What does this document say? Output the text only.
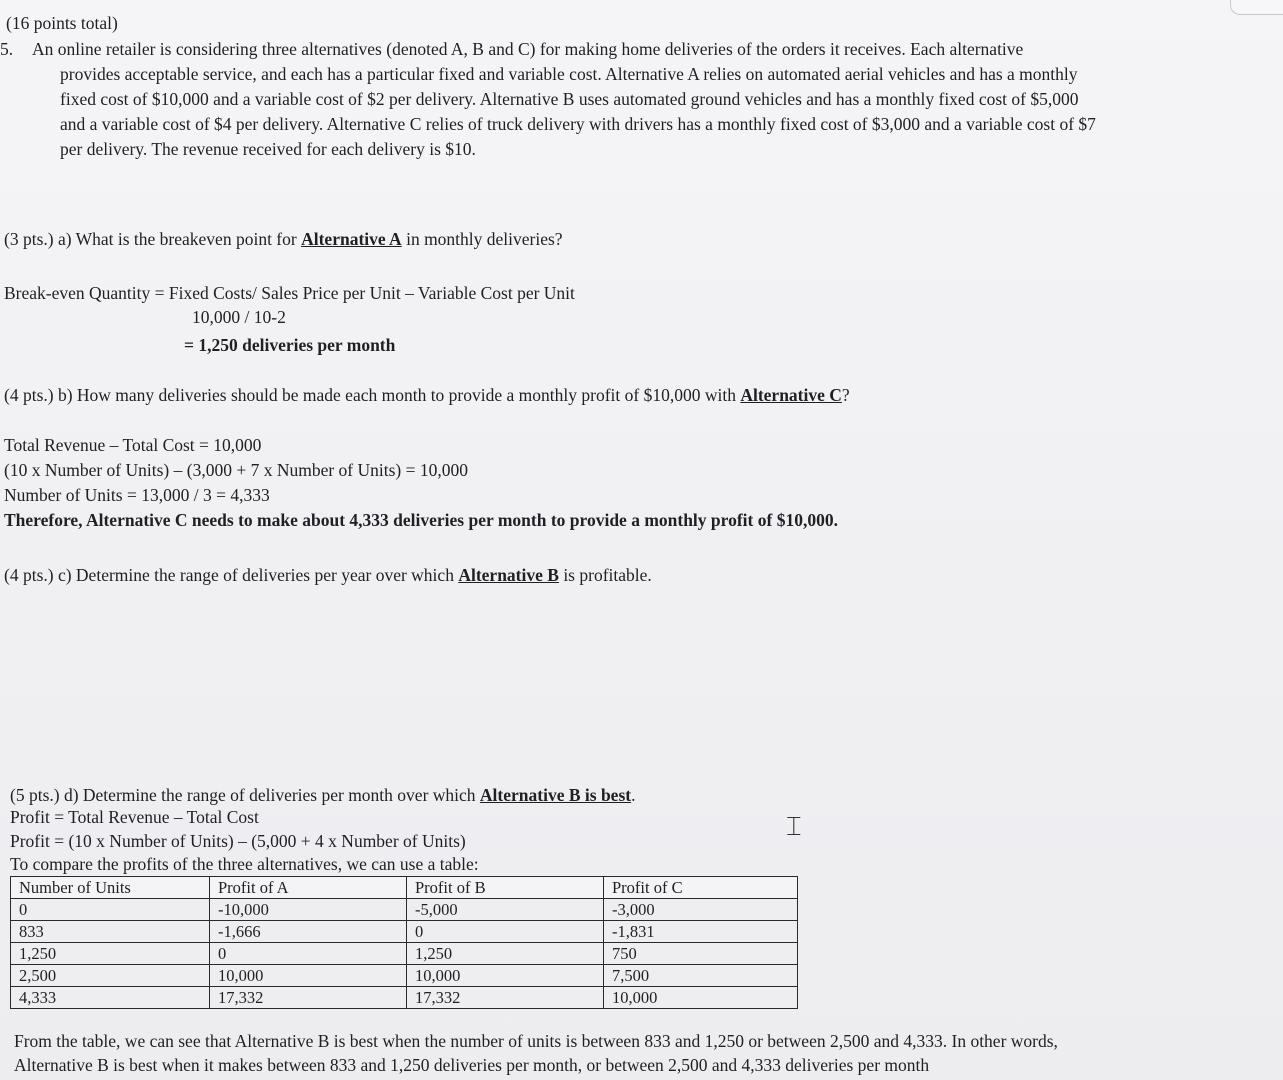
(16 points total)
5. An online retailer is considering three alternatives (denoted A, B and C) for making home deliveries of the orders it receives. Each alternative
provides acceptable service, and each has a particular fixed and variable cost. Alternative A relies on automated aerial vehicles and has a monthly
fixed cost of $10,000 and a variable cost of $2 per delivery. Alternative B uses automated ground vehicles and has a monthly fixed cost of $5,000
and a variable cost of $4 per delivery. Alternative C relies of truck delivery with drivers has a monthly fixed cost of $3,000 and a variable cost of $7
per delivery. The revenue received for each delivery is $10.
(3 pts.) a) What is the breakeven point for Alternative A in monthly deliveries?
Break-even Quantity = Fixed Costs/ Sales Price per Unit – Variable Cost per Unit
10,000 / 10-2
= 1,250 deliveries per month
(4 pts.) b) How many deliveries should be made each month to provide a monthly profit of $10,000 with Alternative C?
Total Revenue – Total Cost = 10,000
(10 x Number of Units) – (3,000 + 7 x Number of Units) = 10,000
Number of Units = 13,000 / 3 = 4,333
Therefore, Alternative C needs to make about 4,333 deliveries per month to provide a monthly profit of $10,000.
(4 pts.) c) Determine the range of deliveries per year over which Alternative B is profitable.
(5 pts.) d) Determine the range of deliveries per month over which Alternative B is best.
Profit = Total Revenue – Total Cost
Profit = (10 x Number of Units) – (5,000 + 4 x Number of Units)
To compare the profits of the three alternatives, we can use a table:
⌶
Number of Units	Profit of A	Profit of B	Profit of C
0	-10,000	-5,000	-3,000
833	-1,666	0	-1,831
1,250	0	1,250	750
2,500	10,000	10,000	7,500
4,333	17,332	17,332	10,000
From the table, we can see that Alternative B is best when the number of units is between 833 and 1,250 or between 2,500 and 4,333. In other words,
Alternative B is best when it makes between 833 and 1,250 deliveries per month, or between 2,500 and 4,333 deliveries per month
